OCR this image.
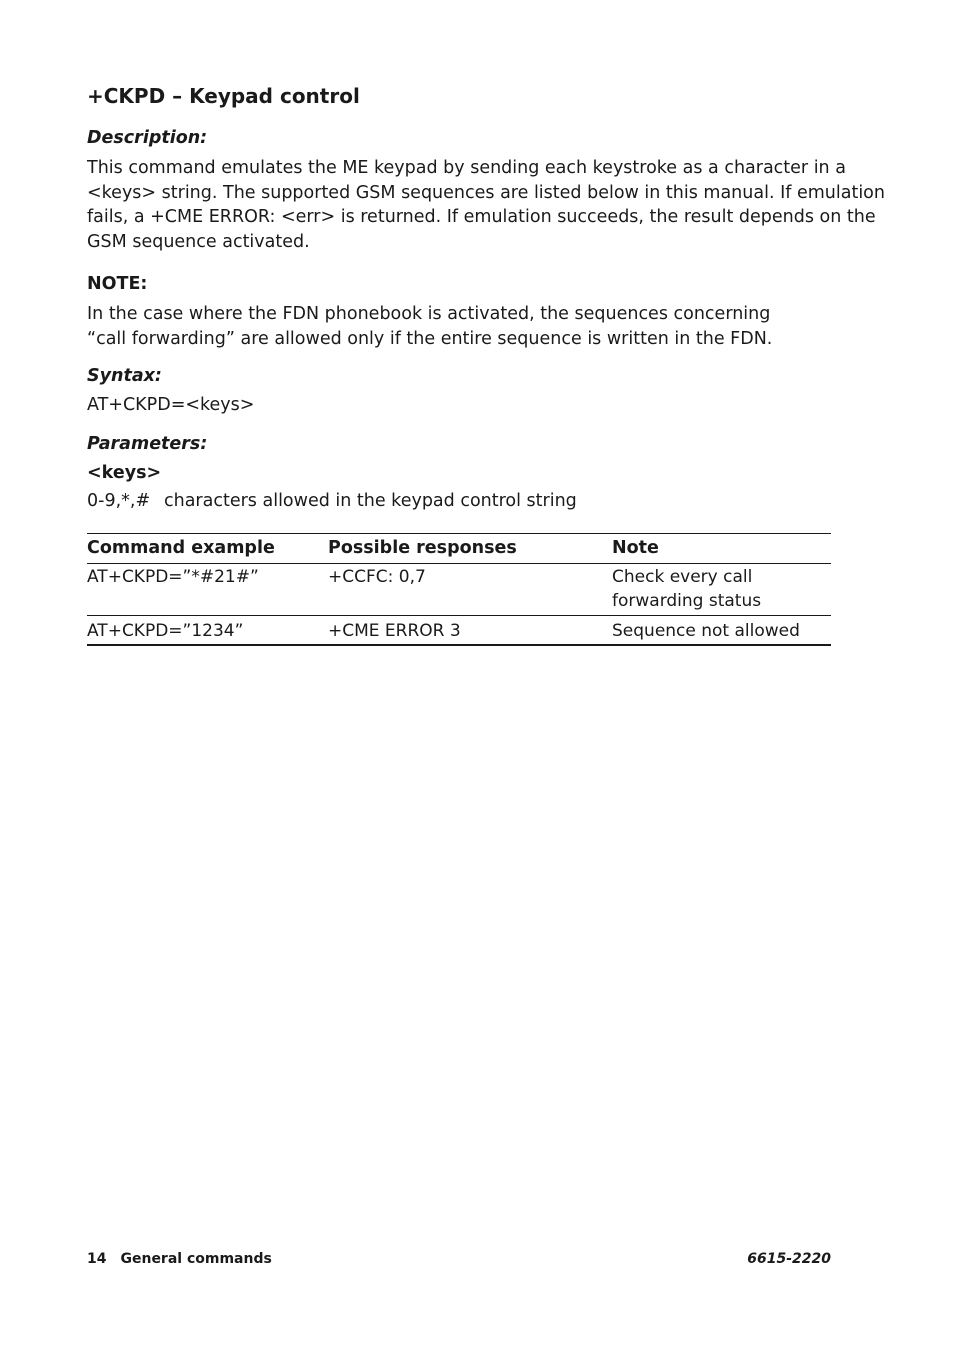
+CKPD – Keypad control
Description:
This command emulates the ME keypad by sending each keystroke as a character in a
<keys> string. The supported GSM sequences are listed below in this manual. If emulation
fails, a +CME ERROR: <err> is returned. If emulation succeeds, the result depends on the
GSM sequence activated.
NOTE:
In the case where the FDN phonebook is activated, the sequences concerning
“call forwarding” are allowed only if the entire sequence is written in the FDN.
Syntax:
AT+CKPD=<keys>
Parameters:
<keys>
0-9,*,# characters allowed in the keypad control string
Command example	Possible responses	Note
AT+CKPD=”*#21#”	+CCFC: 0,7	Check every call
forwarding status
AT+CKPD=”1234”	+CME ERROR 3	Sequence not allowed
14 General commands	6615-2220
